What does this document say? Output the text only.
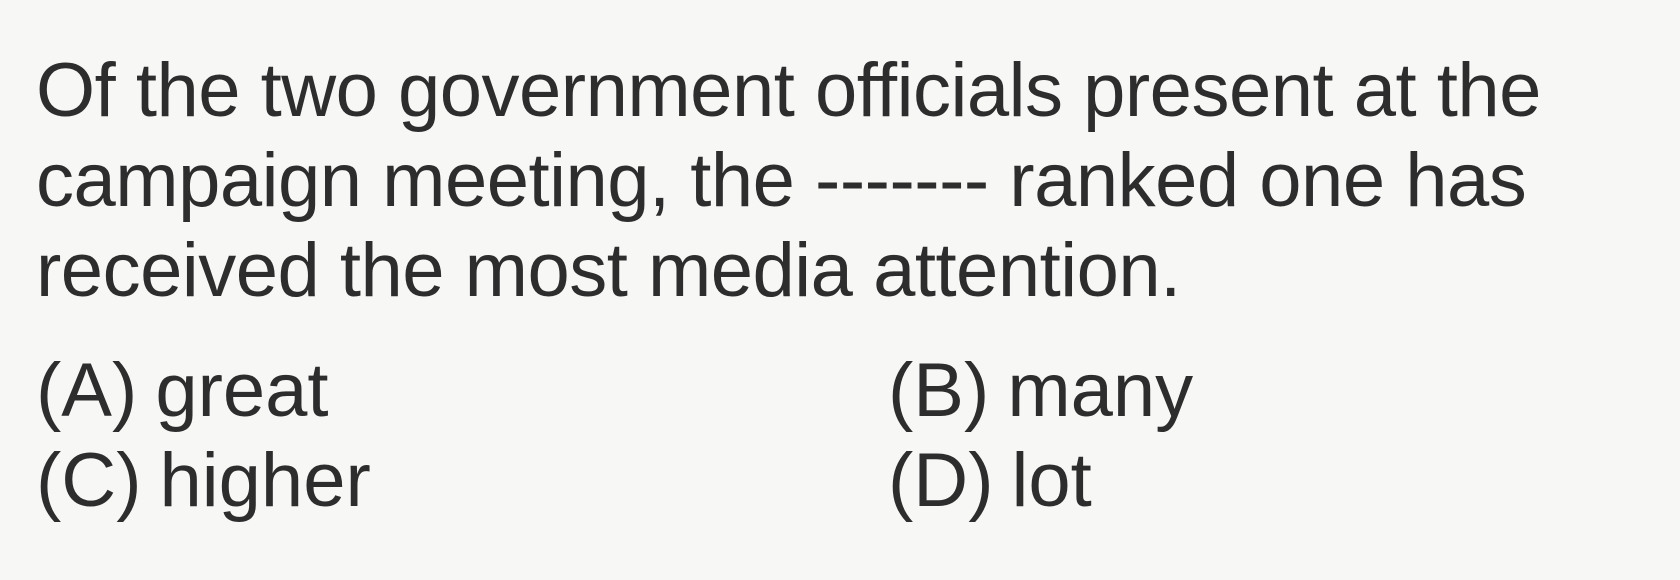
Of the two government officials present at the
campaign meeting, the ------- ranked one has
received the most media attention.
(A) great	(B) many
(C) higher	(D) lot
